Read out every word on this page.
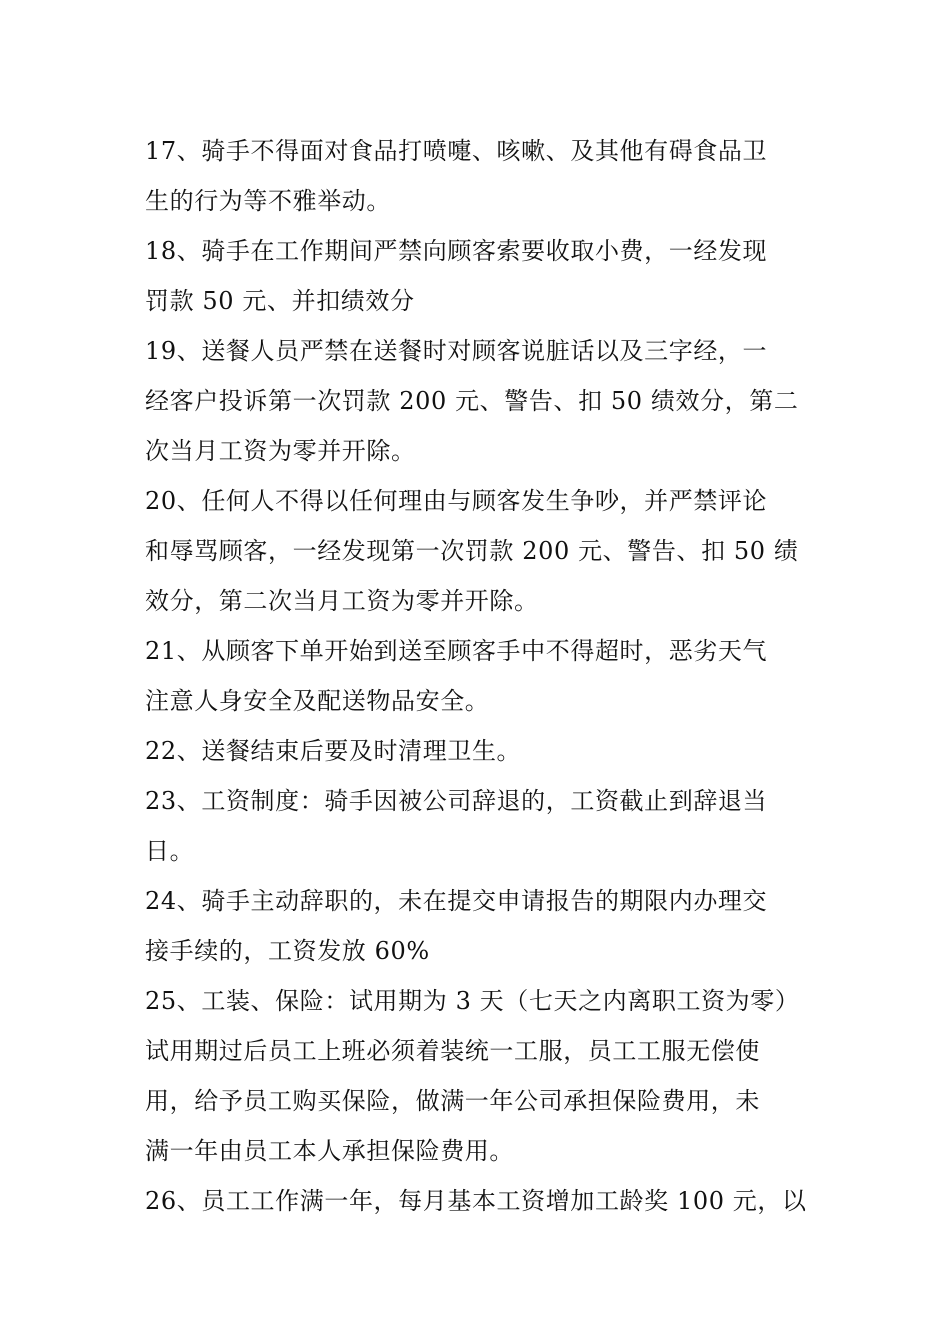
17、骑手不得面对食品打喷嚏、咳嗽、及其他有碍食品卫
生的行为等不雅举动。
18、骑手在工作期间严禁向顾客索要收取小费，一经发现
罚款 50 元、并扣绩效分
19、送餐人员严禁在送餐时对顾客说脏话以及三字经，一
经客户投诉第一次罚款 200 元、警告、扣 50 绩效分，第二
次当月工资为零并开除。
20、任何人不得以任何理由与顾客发生争吵，并严禁评论
和辱骂顾客，一经发现第一次罚款 200 元、警告、扣 50 绩
效分，第二次当月工资为零并开除。
21、从顾客下单开始到送至顾客手中不得超时，恶劣天气
注意人身安全及配送物品安全。
22、送餐结束后要及时清理卫生。
23、工资制度：骑手因被公司辞退的，工资截止到辞退当
日。
24、骑手主动辞职的，未在提交申请报告的期限内办理交
接手续的，工资发放 60%
25、工装、保险：试用期为 3 天（七天之内离职工资为零）
试用期过后员工上班必须着装统一工服，员工工服无偿使
用，给予员工购买保险，做满一年公司承担保险费用，未
满一年由员工本人承担保险费用。
26、员工工作满一年，每月基本工资增加工龄奖 100 元，以
